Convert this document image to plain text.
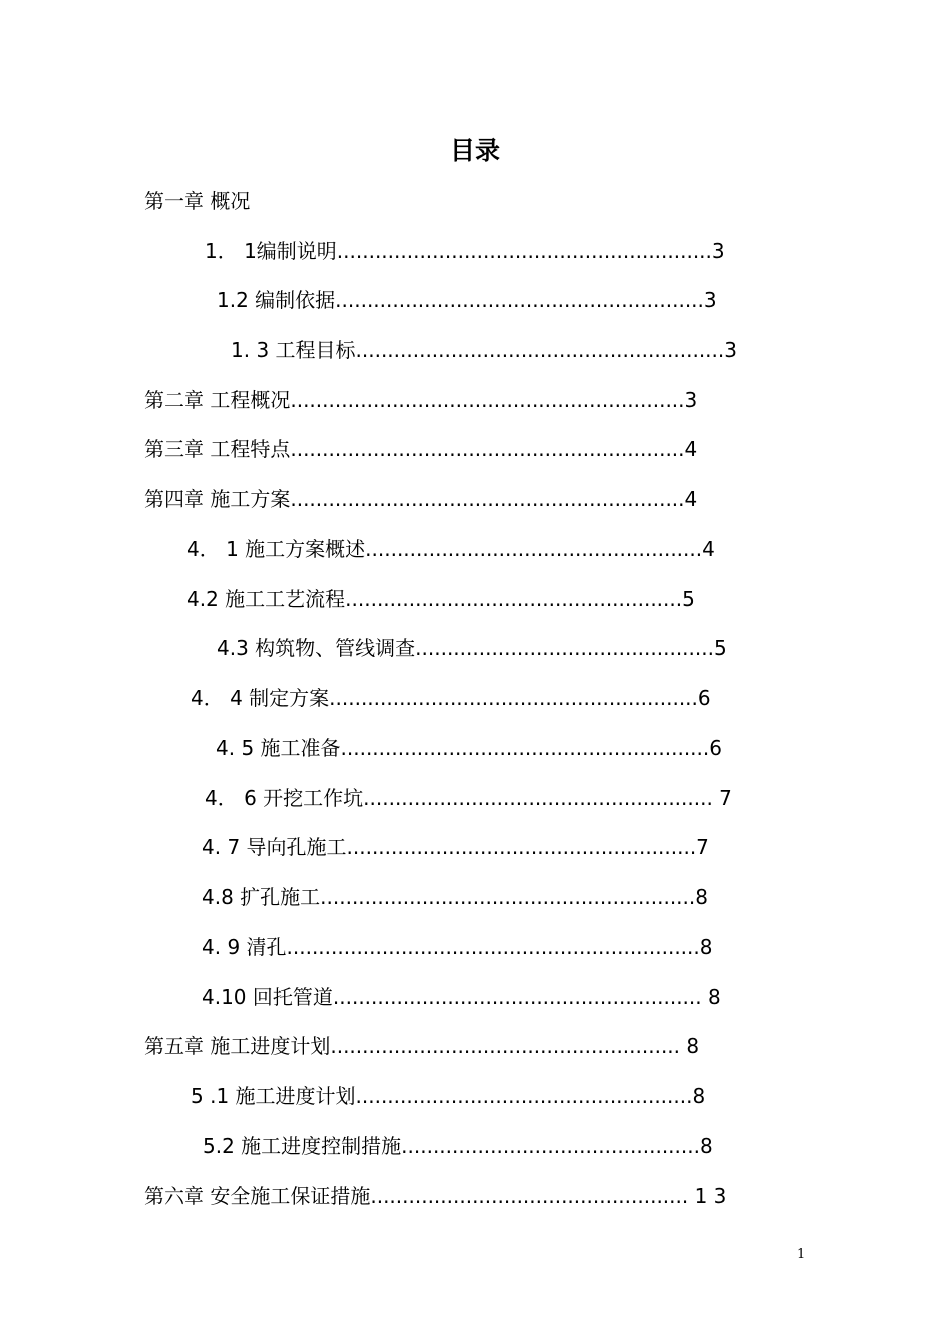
目录
第一章 概况
1． 1编制说明...........................................................3
1.2 编制依据..........................................................3
1. 3 工程目标..........................................................3
第二章 工程概况..............................................................3
第三章 工程特点..............................................................4
第四章 施工方案..............................................................4
4． 1 施工方案概述.....................................................4
4.2 施工工艺流程.....................................................5
4.3 构筑物、管线调查...............................................5
4． 4 制定方案..........................................................6
4. 5 施工准备..........................................................6
4． 6 开挖工作坑....................................................... 7
4. 7 导向孔施工.......................................................7
4.8 扩孔施工...........................................................8
4. 9 清孔.................................................................8
4.10 回托管道.......................................................... 8
第五章 施工进度计划....................................................... 8
5 .1 施工进度计划.....................................................8
5.2 施工进度控制措施...............................................8
第六章 安全施工保证措施.................................................. 1 3
1
